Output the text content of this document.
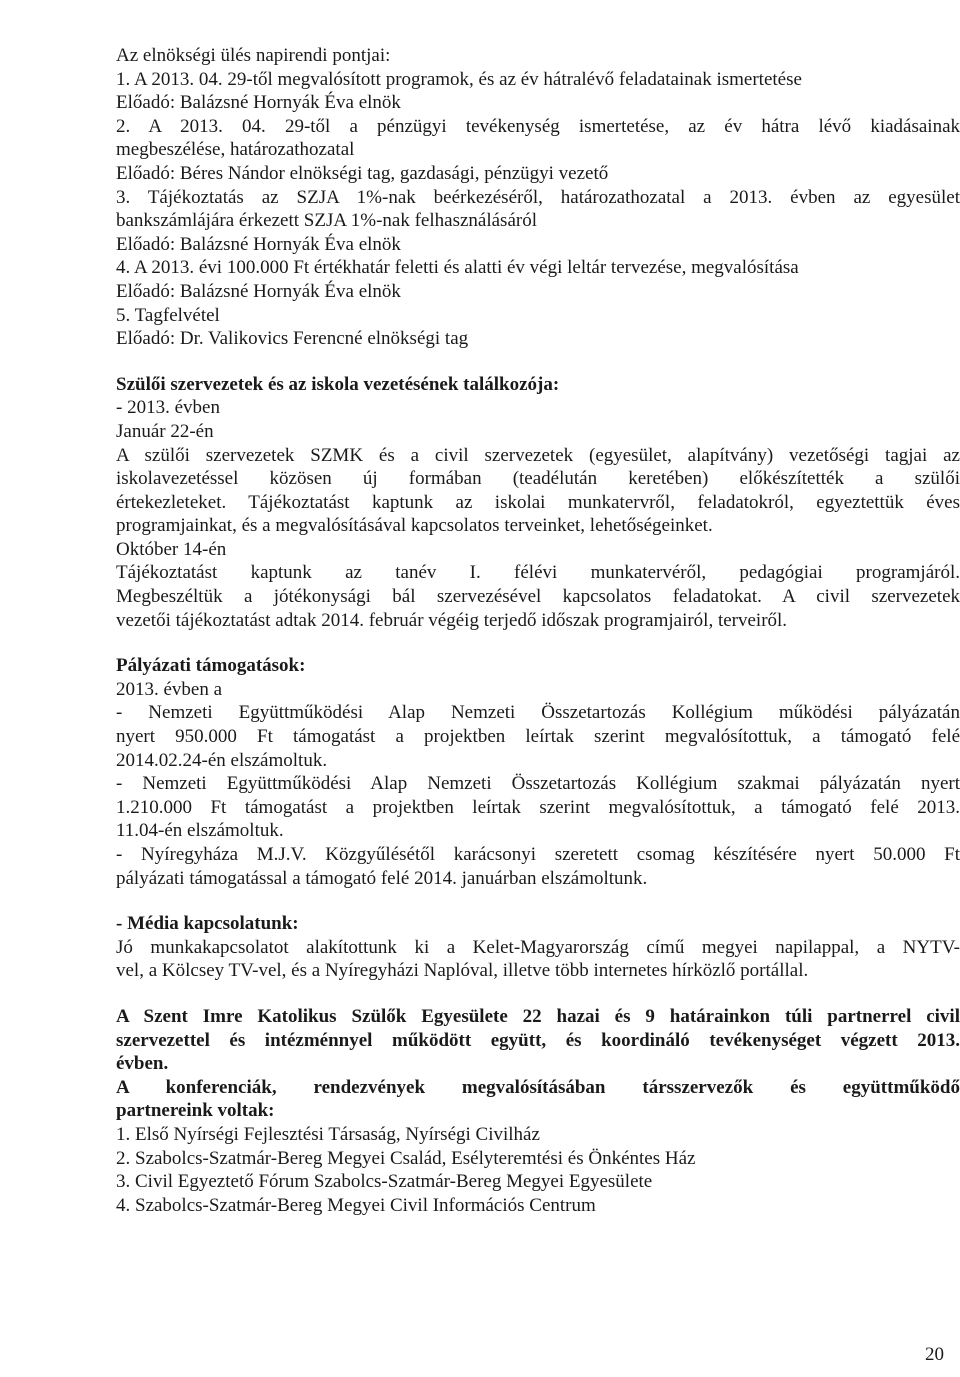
Az elnökségi ülés napirendi pontjai:
1. A 2013. 04. 29-től megvalósított programok, és az év hátralévő feladatainak ismertetése
Előadó: Balázsné Hornyák Éva elnök
2. A 2013. 04. 29-től a pénzügyi tevékenység ismertetése, az év hátra lévő kiadásainak
megbeszélése, határozathozatal
Előadó: Béres Nándor elnökségi tag, gazdasági, pénzügyi vezető
3. Tájékoztatás az SZJA 1%-nak beérkezéséről, határozathozatal a 2013. évben az egyesület
bankszámlájára érkezett SZJA 1%-nak felhasználásáról
Előadó: Balázsné Hornyák Éva elnök
4. A 2013. évi 100.000 Ft értékhatár feletti és alatti év végi leltár tervezése, megvalósítása
Előadó: Balázsné Hornyák Éva elnök
5. Tagfelvétel
Előadó: Dr. Valikovics Ferencné elnökségi tag
Szülői szervezetek és az iskola vezetésének találkozója:
- 2013. évben
Január 22-én
A szülői szervezetek SZMK és a civil szervezetek (egyesület, alapítvány) vezetőségi tagjai az
iskolavezetéssel közösen új formában (teadélután keretében) előkészítették a szülői
értekezleteket. Tájékoztatást kaptunk az iskolai munkatervről, feladatokról, egyeztettük éves
programjainkat, és a megvalósításával kapcsolatos terveinket, lehetőségeinket.
Október 14-én
Tájékoztatást kaptunk az tanév I. félévi munkatervéről, pedagógiai programjáról.
Megbeszéltük a jótékonysági bál szervezésével kapcsolatos feladatokat. A civil szervezetek
vezetői tájékoztatást adtak 2014. február végéig terjedő időszak programjairól, terveiről.
Pályázati támogatások:
2013. évben a
- Nemzeti Együttműködési Alap Nemzeti Összetartozás Kollégium működési pályázatán
nyert 950.000 Ft támogatást a projektben leírtak szerint megvalósítottuk, a támogató felé
2014.02.24-én elszámoltuk.
- Nemzeti Együttműködési Alap Nemzeti Összetartozás Kollégium szakmai pályázatán nyert
1.210.000 Ft támogatást a projektben leírtak szerint megvalósítottuk, a támogató felé 2013.
11.04-én elszámoltuk.
- Nyíregyháza M.J.V. Közgyűlésétől karácsonyi szeretett csomag készítésére nyert 50.000 Ft
pályázati támogatással a támogató felé 2014. januárban elszámoltunk.
- Média kapcsolatunk:
Jó munkakapcsolatot alakítottunk ki a Kelet-Magyarország című megyei napilappal, a NYTV-
vel, a Kölcsey TV-vel, és a Nyíregyházi Naplóval, illetve több internetes hírközlő portállal.
A Szent Imre Katolikus Szülők Egyesülete 22 hazai és 9 határainkon túli partnerrel civil
szervezettel és intézménnyel működött együtt, és koordináló tevékenységet végzett 2013.
évben.
A konferenciák, rendezvények megvalósításában társszervezők és együttműködő
partnereink voltak:
1. Első Nyírségi Fejlesztési Társaság, Nyírségi Civilház
2. Szabolcs-Szatmár-Bereg Megyei Család, Esélyteremtési és Önkéntes Ház
3. Civil Egyeztető Fórum Szabolcs-Szatmár-Bereg Megyei Egyesülete
4. Szabolcs-Szatmár-Bereg Megyei Civil Információs Centrum
20
